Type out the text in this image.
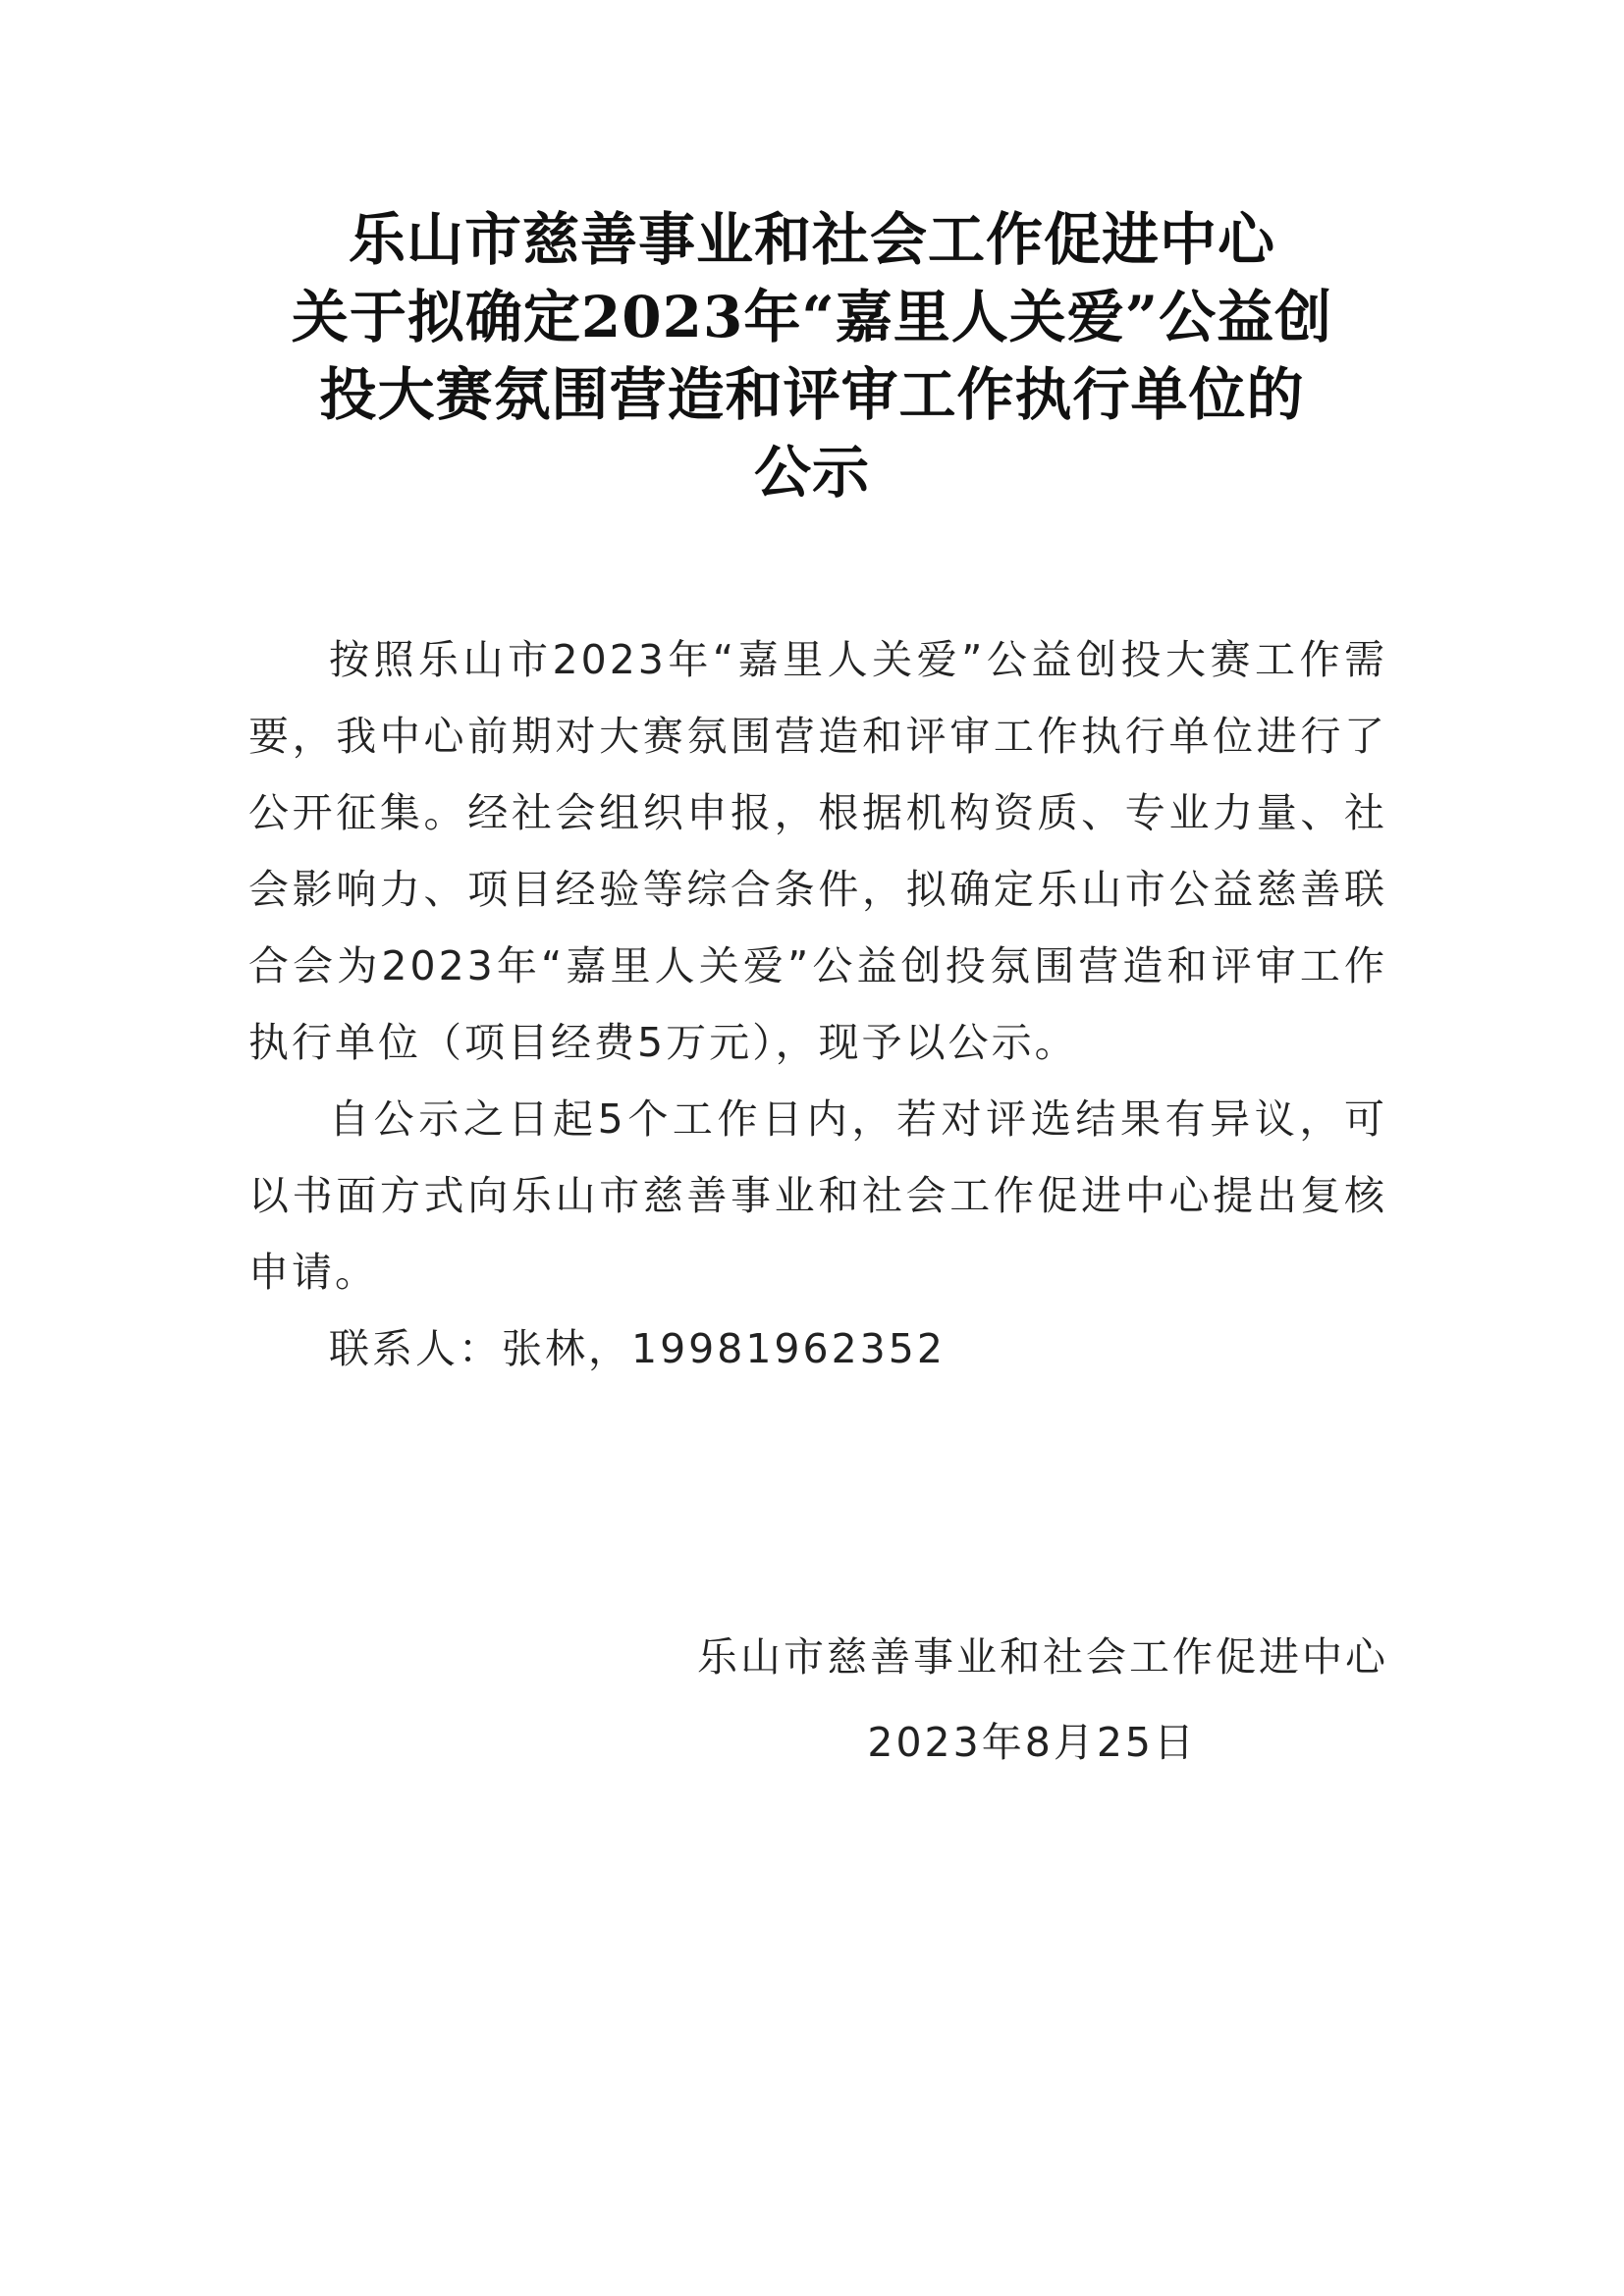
乐山市慈善事业和社会工作促进中心
关于拟确定2023年“嘉里人关爱”公益创
投大赛氛围营造和评审工作执行单位的
公示

按照乐山市2023年“嘉里人关爱”公益创投大赛工作需要，我中心前期对大赛氛围营造和评审工作执行单位进行了公开征集。经社会组织申报，根据机构资质、专业力量、社会影响力、项目经验等综合条件，拟确定乐山市公益慈善联合会为2023年“嘉里人关爱”公益创投氛围营造和评审工作执行单位（项目经费5万元），现予以公示。

自公示之日起5个工作日内，若对评选结果有异议，可以书面方式向乐山市慈善事业和社会工作促进中心提出复核申请。

联系人：张林，19981962352

乐山市慈善事业和社会工作促进中心
2023年8月25日
